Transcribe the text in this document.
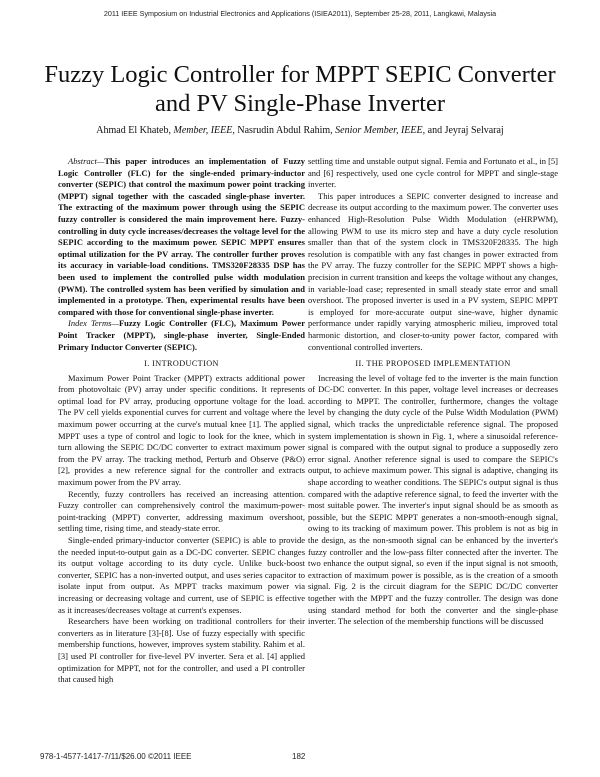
2011 IEEE Symposium on Industrial Electronics and Applications (ISIEA2011), September 25-28, 2011, Langkawi, Malaysia
Fuzzy Logic Controller for MPPT SEPIC Converter
and PV Single-Phase Inverter
Ahmad El Khateb, Member, IEEE, Nasrudin Abdul Rahim, Senior Member, IEEE, and Jeyraj Selvaraj

Abstract—This paper introduces an implementation of Fuzzy Logic Controller (FLC) for the single-ended primary-inductor converter (SEPIC) that control the maximum power point tracking (MPPT) signal together with the cascaded single-phase inverter. The extracting of the maximum power through using the SEPIC fuzzy controller is considered the main improvement here. Fuzzy-controlling in duty cycle increases/decreases the voltage level for the SEPIC according to the maximum power. SEPIC MPPT ensures optimal utilization for the PV array. The controller further proves its accuracy in variable-load conditions. TMS320F28335 DSP has been used to implement the controlled pulse width modulation (PWM). The controlled system has been verified by simulation and implemented in a prototype. Then, experimental results have been compared with those for conventional single-phase inverter.

Index Terms—Fuzzy Logic Controller (FLC), Maximum Power Point Tracker (MPPT), single-phase inverter, Single-Ended Primary Inductor Converter (SEPIC).

I. INTRODUCTION

Maximum Power Point Tracker (MPPT) extracts additional power from photovoltaic (PV) array under specific conditions. It represents optimal load for PV array, producing opportune voltage for the load. The PV cell yields exponential curves for current and voltage where the maximum power occurring at the curve's mutual knee [1]. The applied MPPT uses a type of control and logic to look for the knee, which in turn allowing the SEPIC DC/DC converter to extract maximum power from the PV array. The tracking method, Perturb and Observe (P&O) [2], provides a new reference signal for the controller and extracts maximum power from the PV array.

Recently, fuzzy controllers has received an increasing attention. Fuzzy controller can comprehensively control the maximum-power-point-tracking (MPPT) converter, addressing maximum overshoot, settling time, rising time, and steady-state error.

Single-ended primary-inductor converter (SEPIC) is able to provide the needed input-to-output gain as a DC-DC converter. SEPIC changes its output voltage according to its duty cycle. Unlike buck-boost converter, SEPIC has a non-inverted output, and uses series capacitor to isolate input from output. As MPPT tracks maximum power via increasing or decreasing voltage and current, use of SEPIC is effective as it increases/decreases voltage at current's expenses.

Researchers have been working on traditional controllers for their converters as in literature [3]-[8]. Use of fuzzy especially with specific membership functions, however, improves system stability. Rahim et al. [3] used PI controller for five-level PV inverter. Sera et al. [4] applied optimization for MPPT, not for the controller, and used a PI controller that caused high

settling time and unstable output signal. Femia and Fortunato et al., in [5] and [6] respectively, used one cycle control for MPPT and single-stage inverter.

This paper introduces a SEPIC converter designed to increase and decrease its output according to the maximum power. The converter uses enhanced High-Resolution Pulse Width Modulation (eHRPWM), allowing PWM to use its micro step and have a duty cycle resolution smaller than that of the system clock in TMS320F28335. The high resolution is compatible with any fast changes in power extracted from the PV array. The fuzzy controller for the SEPIC MPPT shows a high-precision in current transition and keeps the voltage without any changes, in variable-load case; represented in small steady state error and small overshoot. The proposed inverter is used in a PV system, SEPIC MPPT is employed for more-accurate output sine-wave, higher dynamic performance under rapidly varying atmospheric milieu, improved total harmonic distortion, and closer-to-unity power factor, compared with conventional controlled inverters.

II. THE PROPOSED IMPLEMENTATION

Increasing the level of voltage fed to the inverter is the main function of DC-DC converter. In this paper, voltage level increases or decreases according to MPPT. The controller, furthermore, changes the voltage level by changing the duty cycle of the Pulse Width Modulation (PWM) signal, which tracks the unpredictable reference signal. The proposed system implementation is shown in Fig. 1, where a sinusoidal reference-signal is compared with the output signal to produce a supposedly zero error signal. Another reference signal is used to compare the SEPIC's output, to achieve maximum power. This signal is adaptive, changing its shape according to weather conditions. The SEPIC's output signal is thus compared with the adaptive reference signal, to feed the inverter with the most suitable power. The inverter's input signal should be as smooth as possible, but the SEPIC MPPT generates a non-smooth-enough signal, owing to its tracking of maximum power. This problem is not as big in the design, as the non-smooth signal can be enhanced by the inverter's fuzzy controller and the low-pass filter connected after the inverter. The two enhance the output signal, so even if the input signal is not smooth, extraction of maximum power is possible, as is the creation of a smooth signal. Fig. 2 is the circuit diagram for the SEPIC DC/DC converter together with the MPPT and the fuzzy controller. The design was done using standard method for both the converter and the single-phase inverter. The selection of the membership functions will be discussed

978-1-4577-1417-7/11/$26.00 ©2011 IEEE	182
